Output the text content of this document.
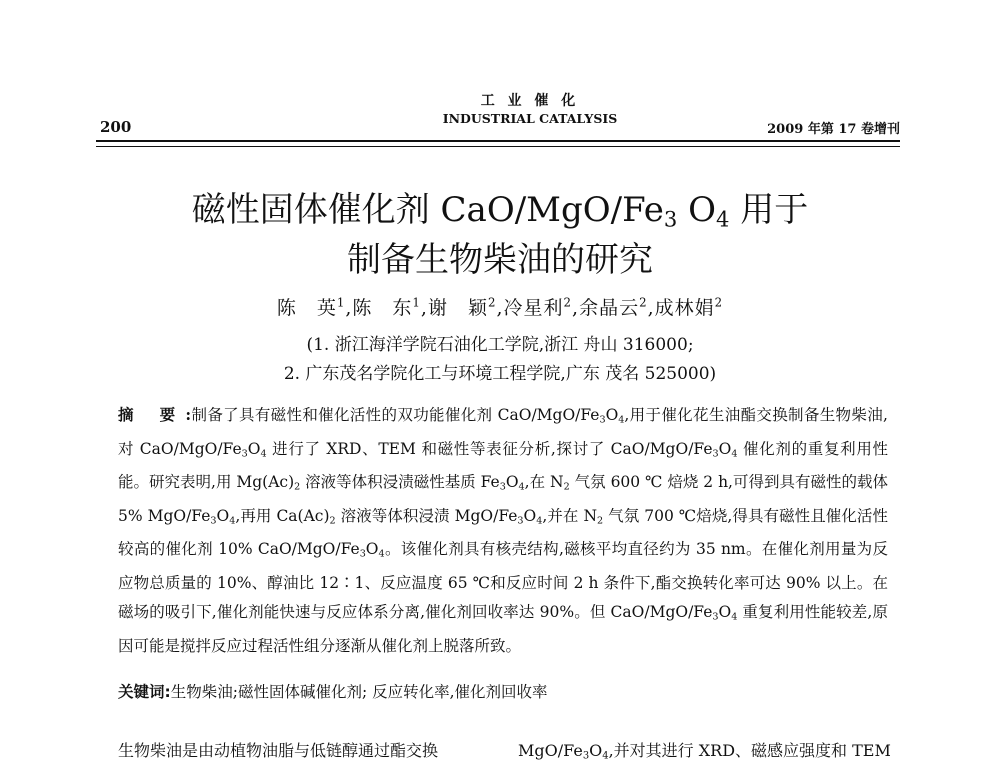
200
工 业 催 化
INDUSTRIAL CATALYSIS
2009 年第 17 卷增刊
磁性固体催化剂 CaO/$MgO/Fe_3$ $O_4$ 用于
制备生物柴油的研究
陈　英$^1$,陈　东$^1$,谢　颖$^2$,冷星利$^2$,余晶云$^2$,成林娟$^2$
(1. 浙江海洋学院石油化工学院,浙江 舟山 316000;
2. 广东茂名学院化工与环境工程学院,广东 茂名 525000)
摘 要:制备了具有磁性和催化活性的双功能催化剂 CaO/$MgO/Fe_3O_4$,用于催化花生油酯交换制备生物柴油,对 CaO/$MgO/Fe_3O_4$ 进行了 XRD、TEM 和磁性等表征分析,探讨了 CaO/$MgO/Fe_3O_4$ 催化剂的重复利用性能。研究表明,用 $Mg(Ac)_2$ 溶液等体积浸渍磁性基质 $Fe_3O_4$,在 $N_2$ 气氛 600 ℃ 焙烧 2 h,可得到具有磁性的载体 5% MgO/$Fe_3O_4$,再用 $Ca(Ac)_2$ 溶液等体积浸渍 MgO/$Fe_3O_4$,并在 $N_2$ 气氛 700 ℃焙烧,得具有磁性且催化活性较高的催化剂 10% CaO/$MgO/Fe_3O_4$。该催化剂具有核壳结构,磁核平均直径约为 35 nm。在催化剂用量为反应物总质量的 10%、醇油比 12∶1、反应温度 65 ℃和反应时间 2 h 条件下,酯交换转化率可达 90% 以上。在磁场的吸引下,催化剂能快速与反应体系分离,催化剂回收率达 90%。但 CaO/$MgO/Fe_3O_4$ 重复利用性能较差,原因可能是搅拌反应过程活性组分逐渐从催化剂上脱落所致。
关键词:生物柴油;磁性固体碱催化剂; 反应转化率,催化剂回收率
生物柴油是由动植物油脂与低链醇通过酯交换	MgO/$Fe_3O_4$,并对其进行 XRD、磁感应强度和 TEM
